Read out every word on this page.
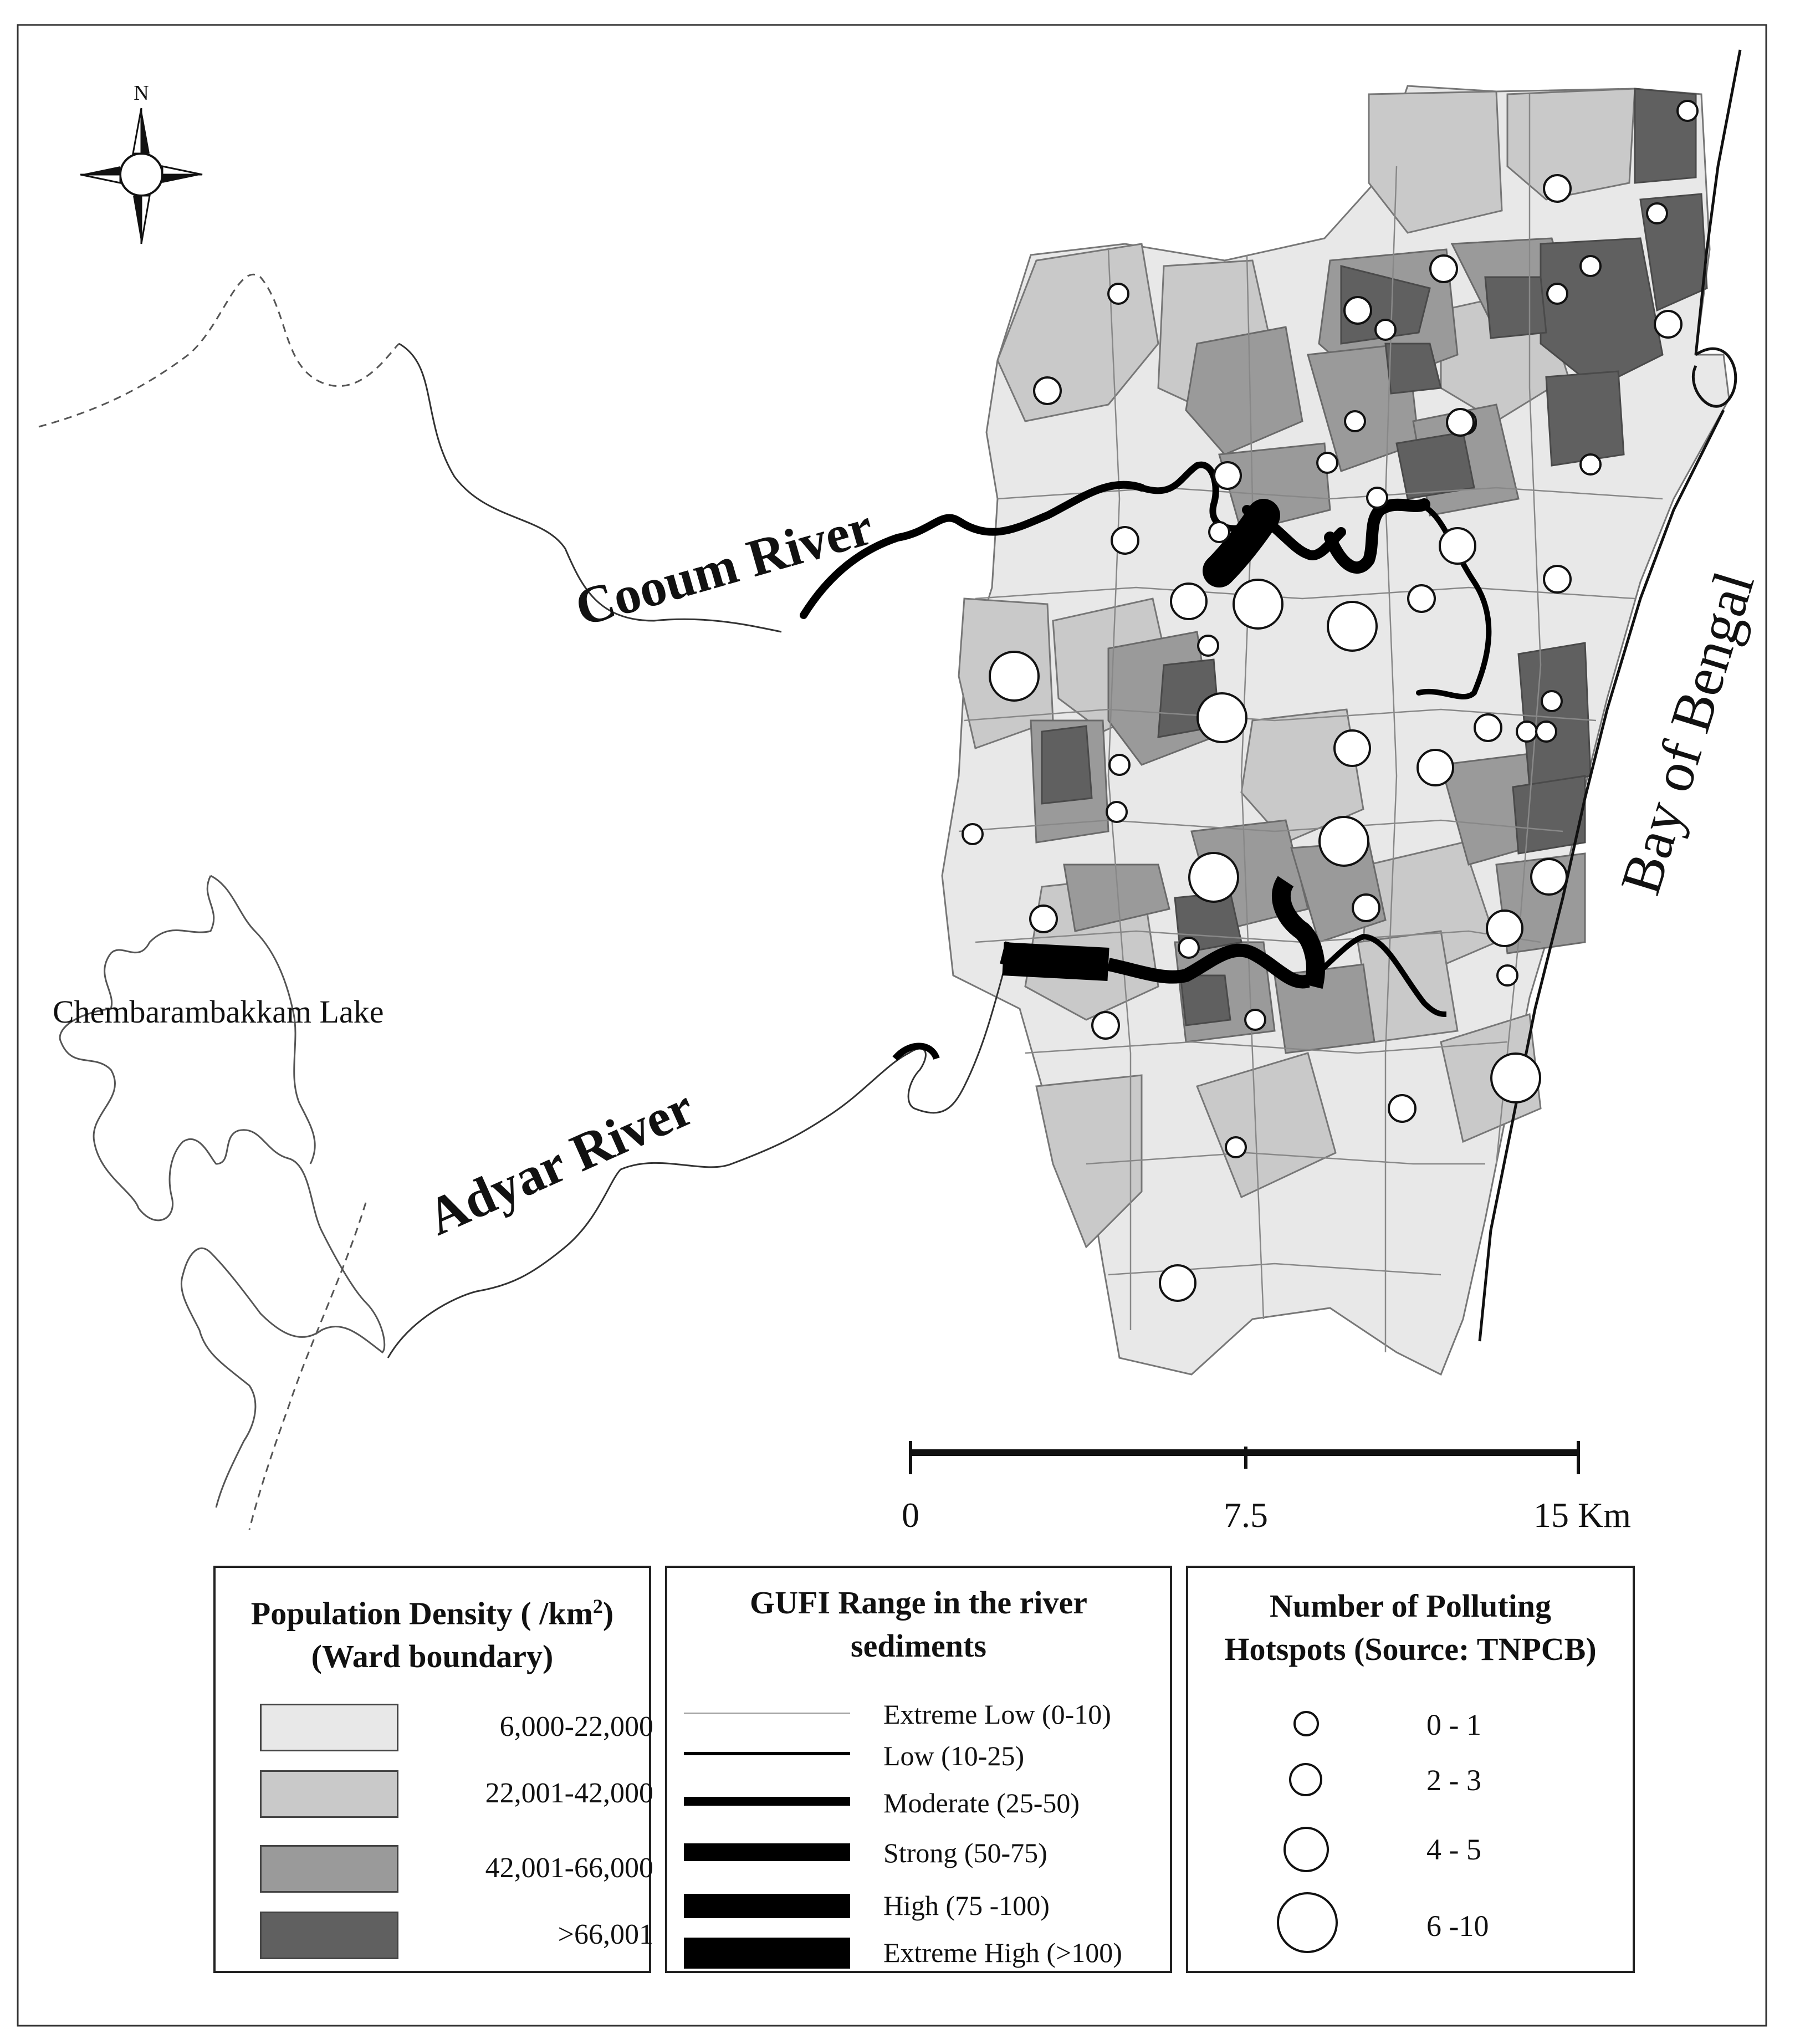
N
Cooum River
Adyar River
Bay of Bengal
Chembarambakkam Lake
0	7.5	15 Km
Population Density ( $/km^2$)
(Ward boundary)
6,000-22,000
22,001-42,000
42,001-66,000
>66,001
GUFI Range in the river
sediments
Extreme Low (0-10)
Low (10-25)
Moderate (25-50)
Strong (50-75)
High (75 -100)
Extreme High (>100)
Number of Polluting
Hotspots (Source: TNPCB)
0 - 1
2 - 3
4 - 5
6 -10
